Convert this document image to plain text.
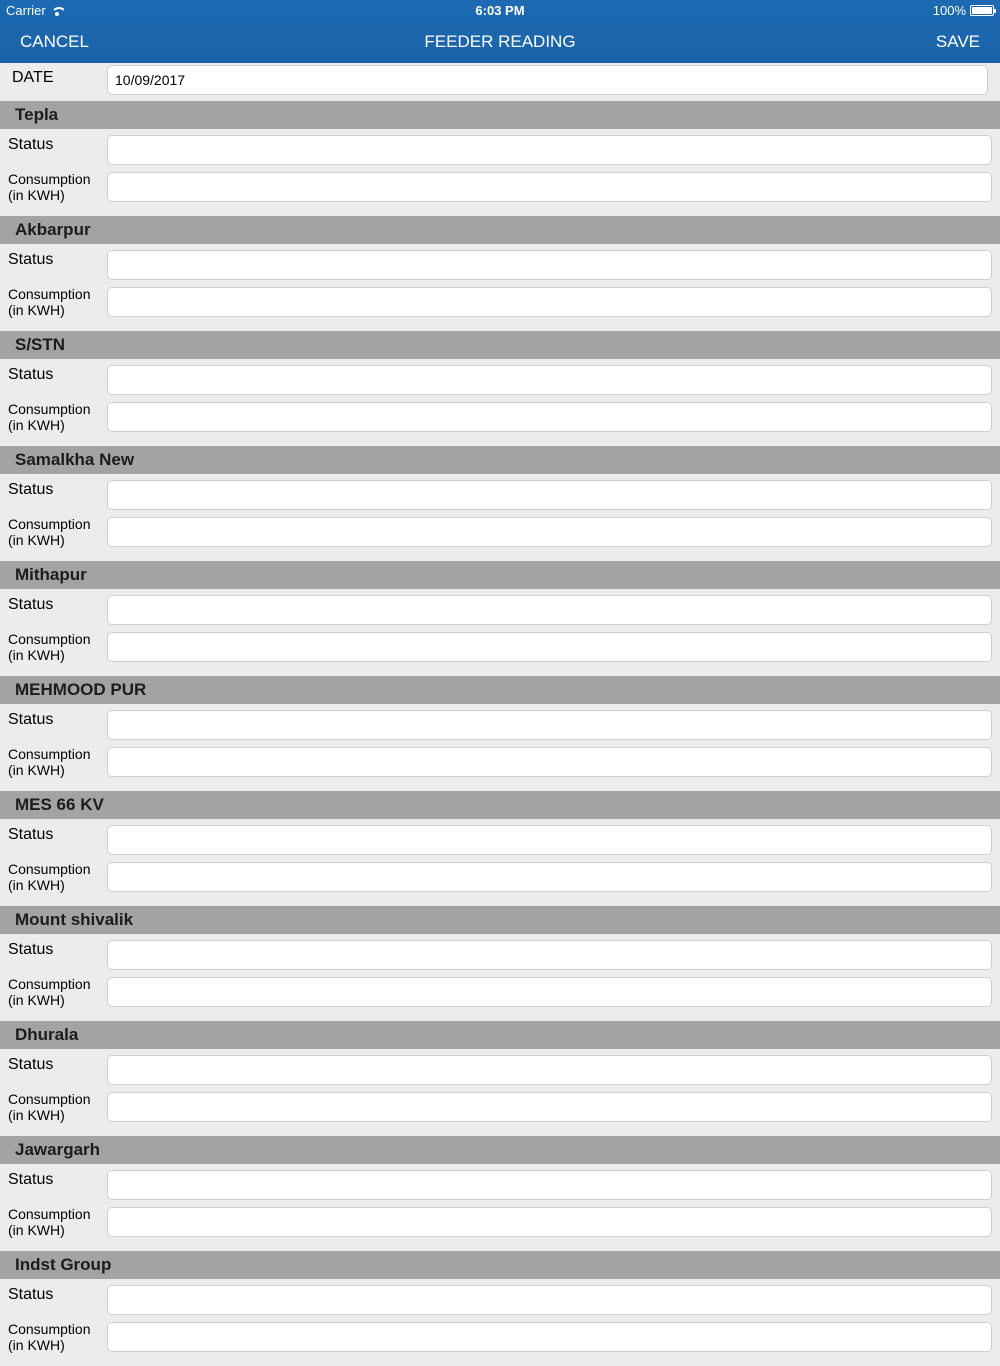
Carrier	6:03 PM	100%
CANCEL	FEEDER READING	SAVE
DATE
10/09/2017
Tepla
Status
Consumption
(in KWH)
Akbarpur
Status
Consumption
(in KWH)
S/STN
Status
Consumption
(in KWH)
Samalkha New
Status
Consumption
(in KWH)
Mithapur
Status
Consumption
(in KWH)
MEHMOOD PUR
Status
Consumption
(in KWH)
MES 66 KV
Status
Consumption
(in KWH)
Mount shivalik
Status
Consumption
(in KWH)
Dhurala
Status
Consumption
(in KWH)
Jawargarh
Status
Consumption
(in KWH)
Indst Group
Status
Consumption
(in KWH)
